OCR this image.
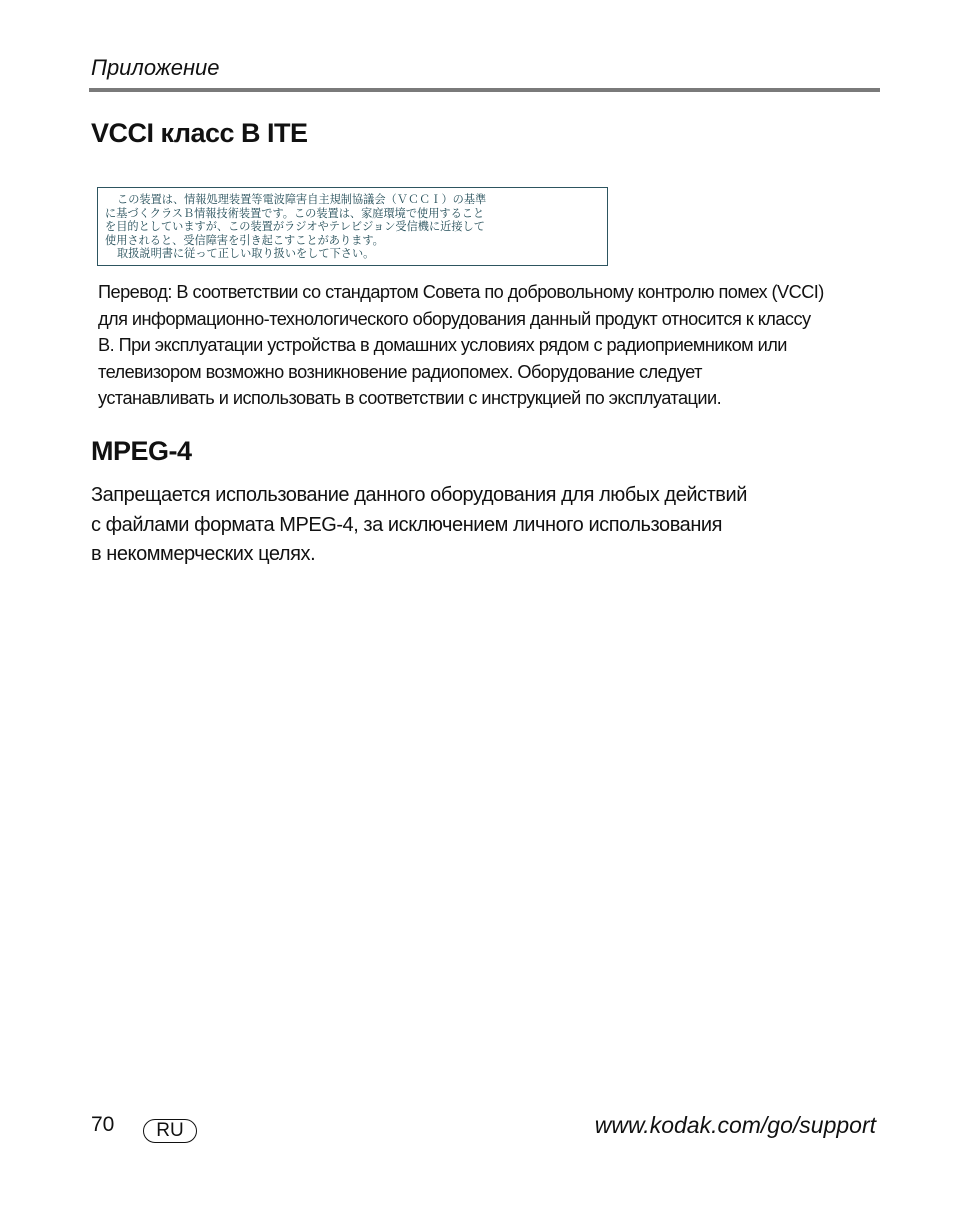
Приложение
VCCI класс B ITE
この装置は、情報処理装置等電波障害自主規制協議会（ＶＣＣＩ）の基準
に基づくクラスＢ情報技術装置です。この装置は、家庭環境で使用すること
を目的としていますが、この装置がラジオやテレビジョン受信機に近接して
使用されると、受信障害を引き起こすことがあります。
取扱説明書に従って正しい取り扱いをして下さい。
Перевод: В соответствии со стандартом Совета по добровольному контролю помех (VCCI)
для информационно-технологического оборудования данный продукт относится к классу
B. При эксплуатации устройства в домашних условиях рядом с радиоприемником или
телевизором возможно возникновение радиопомех. Оборудование следует
устанавливать и использовать в соответствии с инструкцией по эксплуатации.
MPEG-4
Запрещается использование данного оборудования для любых действий
с файлами формата MPEG-4, за исключением личного использования
в некоммерческих целях.
70	RU	www.kodak.com/go/support
